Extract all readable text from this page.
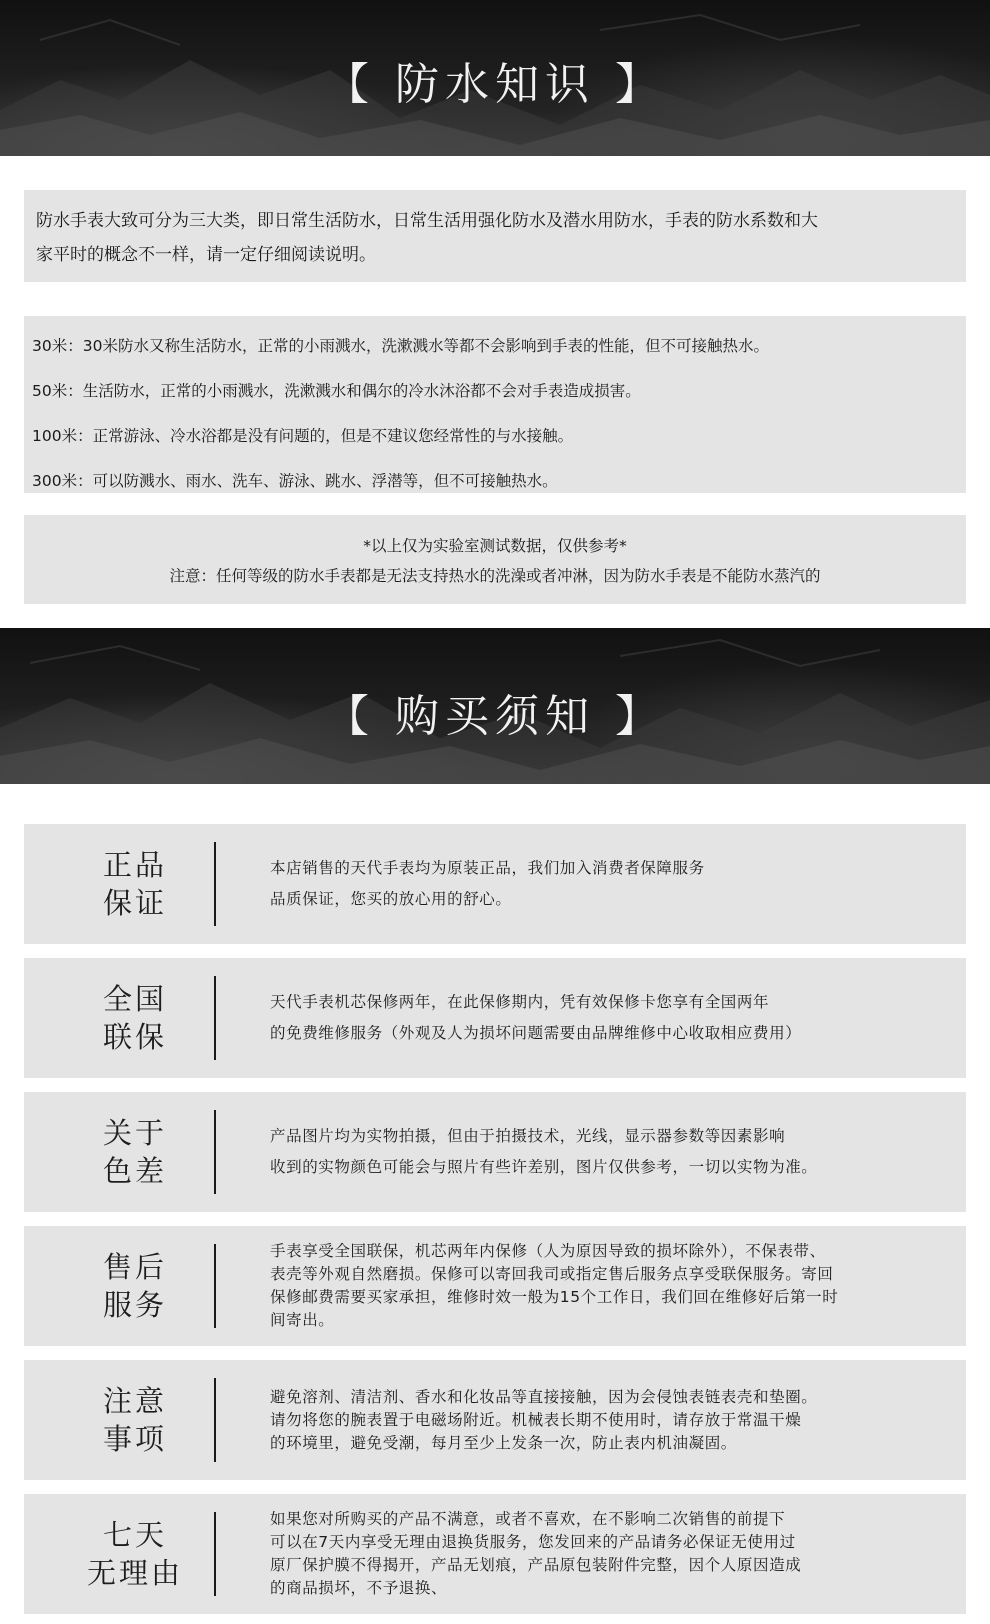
【 防水知识 】
防水手表大致可分为三大类，即日常生活防水，日常生活用强化防水及潜水用防水，手表的防水系数和大
家平时的概念不一样，请一定仔细阅读说明。
30米：30米防水又称生活防水，正常的小雨溅水，洗漱溅水等都不会影响到手表的性能，但不可接触热水。
50米：生活防水，正常的小雨溅水，洗漱溅水和偶尔的冷水沐浴都不会对手表造成损害。
100米：正常游泳、冷水浴都是没有问题的，但是不建议您经常性的与水接触。
300米：可以防溅水、雨水、洗车、游泳、跳水、浮潜等，但不可接触热水。
*以上仅为实验室测试数据，仅供参考*
注意：任何等级的防水手表都是无法支持热水的洗澡或者冲淋，因为防水手表是不能防水蒸汽的
【 购买须知 】
正品
保证
本店销售的天代手表均为原装正品，我们加入消费者保障服务
品质保证，您买的放心用的舒心。
全国
联保
天代手表机芯保修两年，在此保修期内，凭有效保修卡您享有全国两年
的免费维修服务（外观及人为损坏问题需要由品牌维修中心收取相应费用）
关于
色差
产品图片均为实物拍摄，但由于拍摄技术，光线，显示器参数等因素影响
收到的实物颜色可能会与照片有些许差别，图片仅供参考，一切以实物为准。
售后
服务
手表享受全国联保，机芯两年内保修（人为原因导致的损坏除外），不保表带、
表壳等外观自然磨损。保修可以寄回我司或指定售后服务点享受联保服务。寄回
保修邮费需要买家承担，维修时效一般为15个工作日，我们回在维修好后第一时
间寄出。
注意
事项
避免溶剂、清洁剂、香水和化妆品等直接接触，因为会侵蚀表链表壳和垫圈。
请勿将您的腕表置于电磁场附近。机械表长期不使用时，请存放于常温干燥
的环境里，避免受潮，每月至少上发条一次，防止表内机油凝固。
七天
无理由
如果您对所购买的产品不满意，或者不喜欢，在不影响二次销售的前提下
可以在7天内享受无理由退换货服务，您发回来的产品请务必保证无使用过
原厂保护膜不得揭开，产品无划痕，产品原包装附件完整，因个人原因造成
的商品损坏，不予退换、
